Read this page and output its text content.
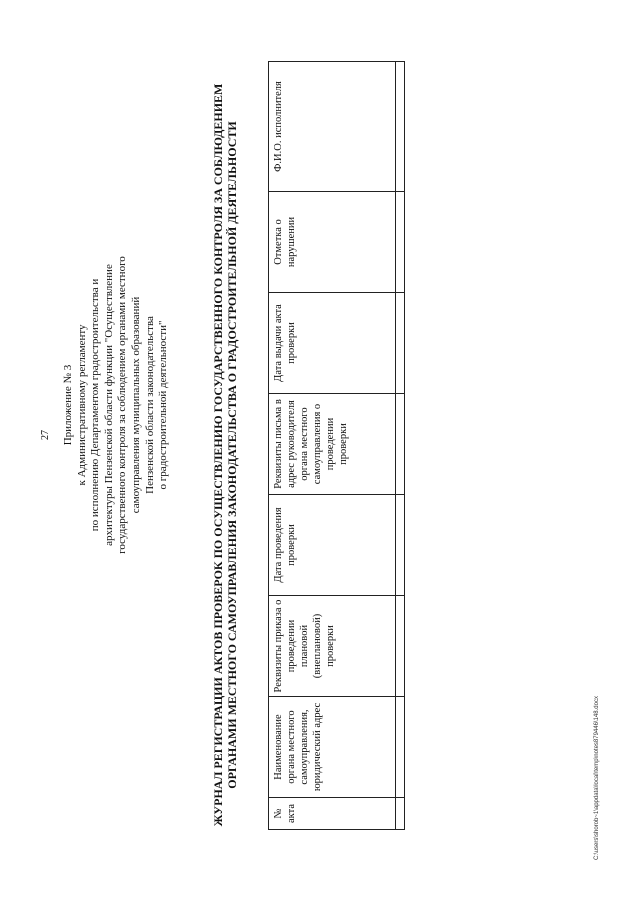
27 Приложение № 3 к Административному регламенту по исполнению Департаментом градостроительства и архитектуры Пензенской области функции "Осуществление государственного контроля за соблюдением органами местного самоуправления муниципальных образований Пензенской области законодательства о градостроительной деятельности"	ЖУРНАЛ РЕГИСТРАЦИИ АКТОВ ПРОВЕРОК ПО ОСУЩЕСТВЛЕНИЮ ГОСУДАРСТВЕННОГО КОНТРОЛЯ ЗА СОБЛЮДЕНИЕМ ОРГАНАМИ МЕСТНОГО САМОУПРАВЛЕНИЯ ЗАКОНОДАТЕЛЬСТВА О ГРАДОСТРОИТЕЛЬНОЙ ДЕЯТЕЛЬНОСТИ
№ акта	Наименование органа местного самоуправления, юридический адрес	Реквизиты приказа о проведении плановой (внеплановой) проверки	Дата проведения проверки	Реквизиты письма в адрес руководителя органа местного самоуправления о проведении проверки	Дата выдачи акта проверки	Отметка о нарушении	Ф.И.О. исполнителя

C:\users\shorob~1\appdata\local\temp\notes879446\148.docx
